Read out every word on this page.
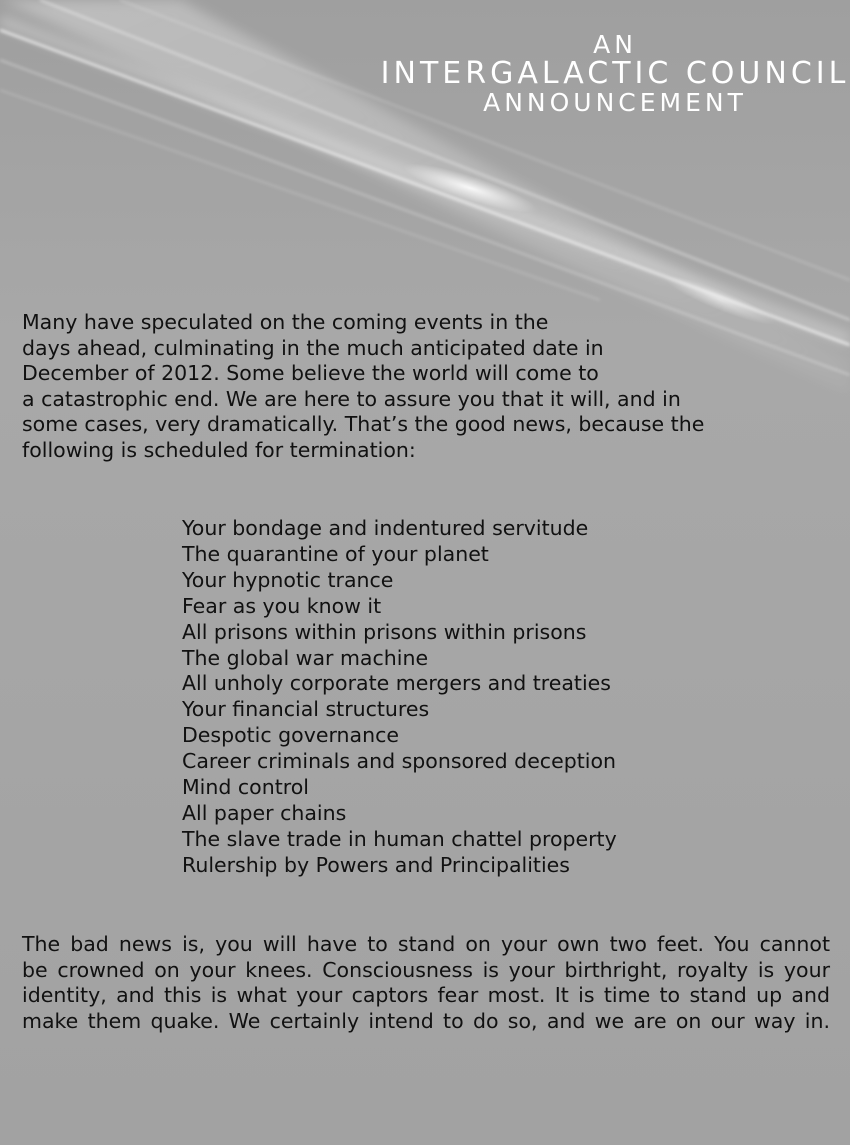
AN
INTERGALACTIC COUNCIL
ANNOUNCEMENT

Many have speculated on the coming events in the
days ahead, culminating in the much anticipated date in
December of 2012. Some believe the world will come to
a catastrophic end. We are here to assure you that it will, and in
some cases, very dramatically. That’s the good news, because the
following is scheduled for termination:

Your bondage and indentured servitude
The quarantine of your planet
Your hypnotic trance
Fear as you know it
All prisons within prisons within prisons
The global war machine
All unholy corporate mergers and treaties
Your financial structures
Despotic governance
Career criminals and sponsored deception
Mind control
All paper chains
The slave trade in human chattel property
Rulership by Powers and Principalities

The bad news is, you will have to stand on your own two feet. You cannot
be crowned on your knees. Consciousness is your birthright, royalty is your
identity, and this is what your captors fear most. It is time to stand up and
make them quake. We certainly intend to do so, and we are on our way in.
